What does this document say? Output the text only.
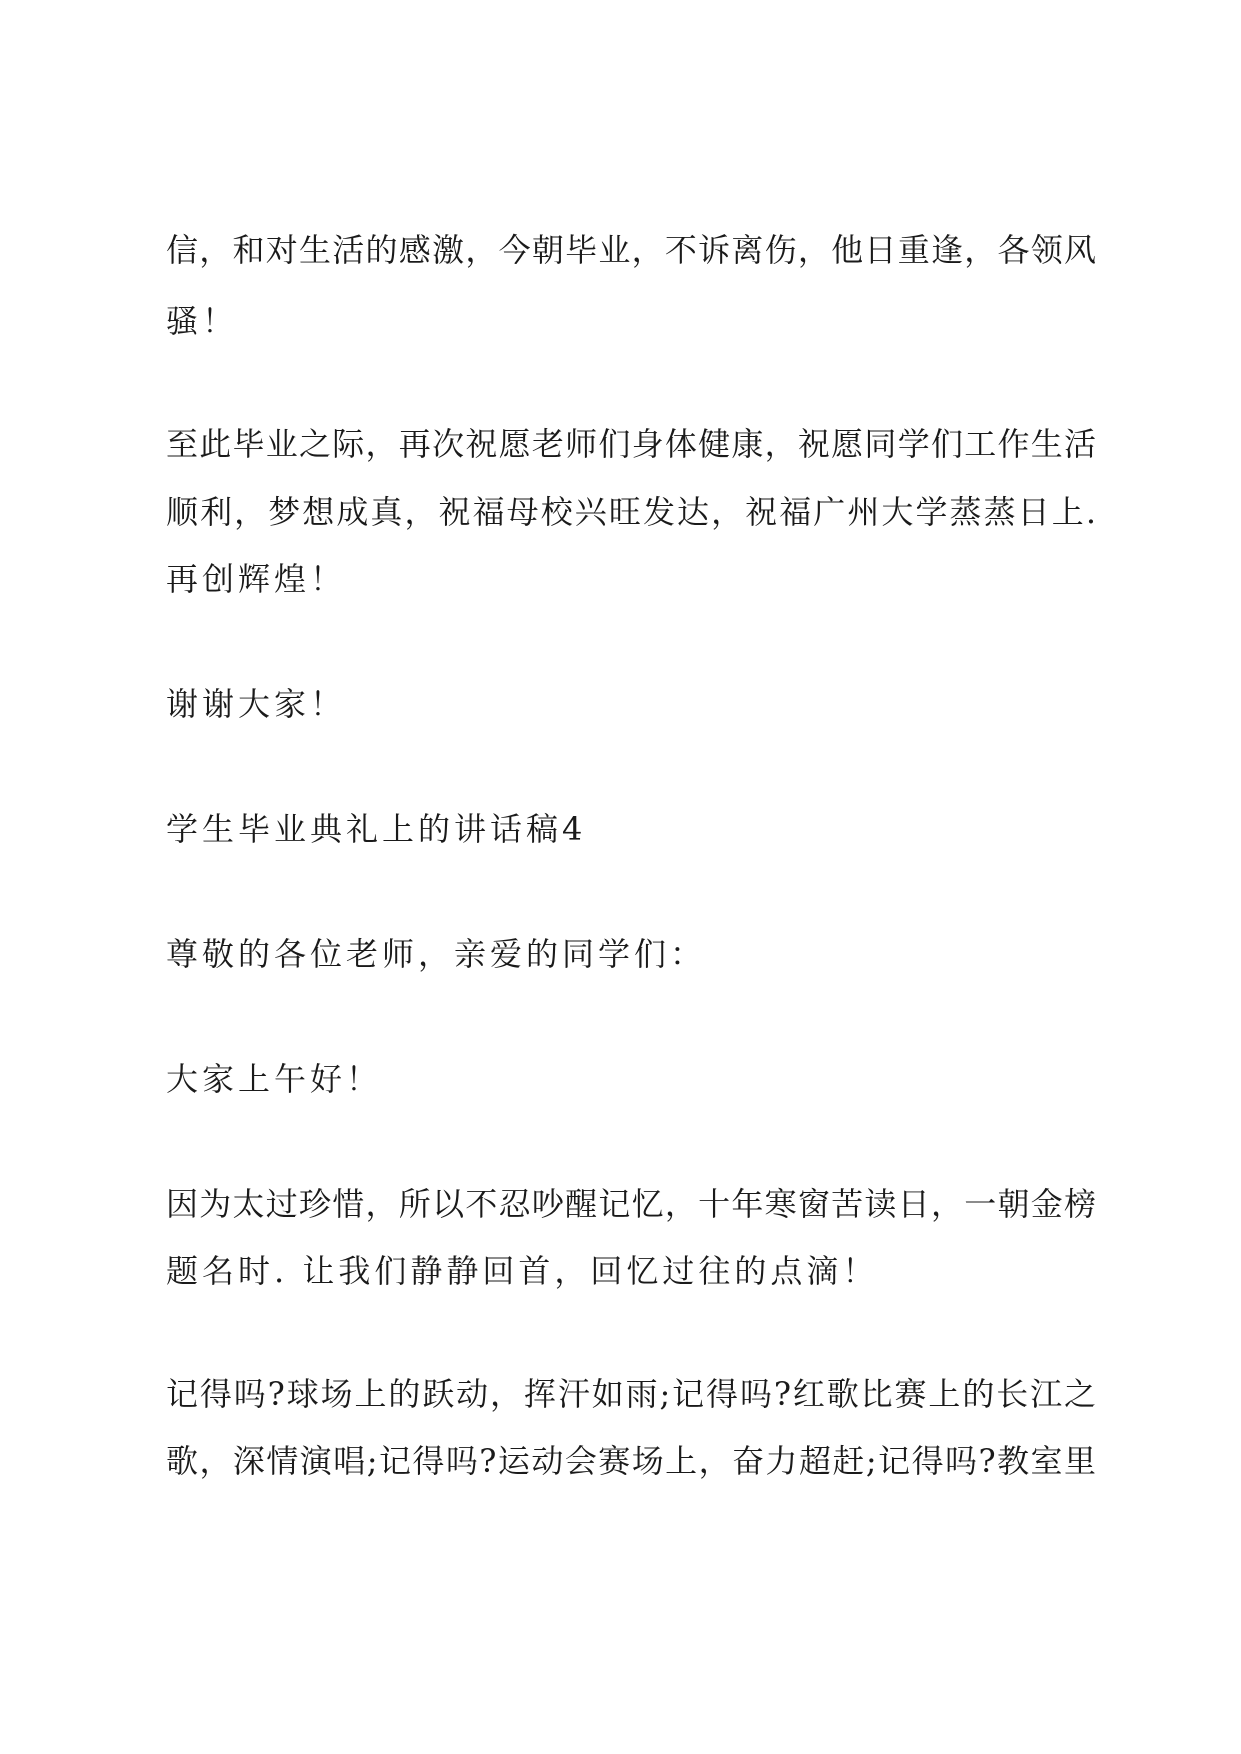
信，和对生活的感激，今朝毕业，不诉离伤，他日重逢，各领风

骚！

至此毕业之际，再次祝愿老师们身体健康，祝愿同学们工作生活

顺利，梦想成真，祝福母校兴旺发达，祝福广州大学蒸蒸日上.

再创辉煌！

谢谢大家！

学生毕业典礼上的讲话稿4

尊敬的各位老师，亲爱的同学们：

大家上午好！

因为太过珍惜，所以不忍吵醒记忆，十年寒窗苦读日，一朝金榜

题名时. 让我们静静回首，回忆过往的点滴！

记得吗?球场上的跃动，挥汗如雨;记得吗?红歌比赛上的长江之

歌，深情演唱;记得吗?运动会赛场上，奋力超赶;记得吗?教室里
